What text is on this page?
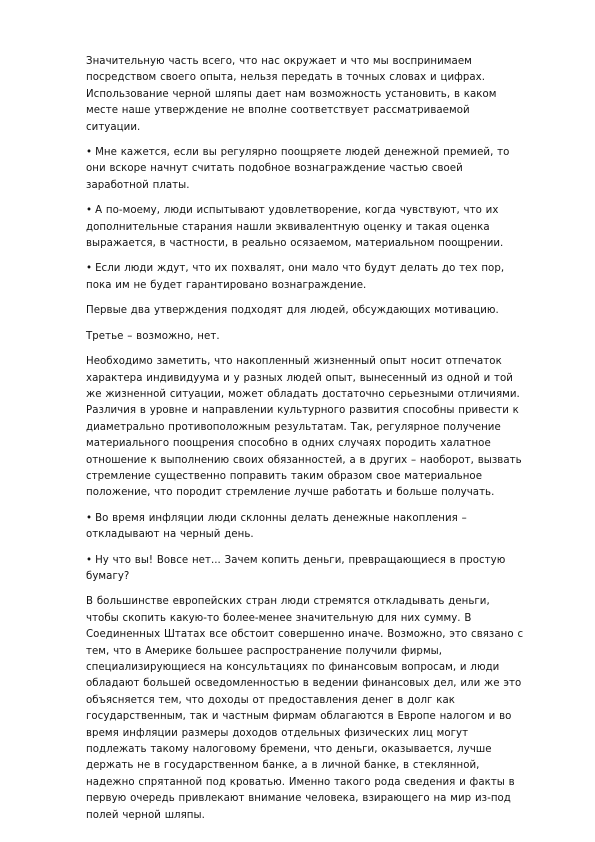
Значительную часть всего, что нас окружает и что мы воспринимаем посредством своего опыта, нельзя передать в точных словах и цифрах. Использование черной шляпы дает нам возможность установить, в каком месте наше утверждение не вполне соответствует рассматриваемой ситуации.

• Мне кажется, если вы регулярно поощряете людей денежной премией, то они вскоре начнут считать подобное вознаграждение частью своей заработной платы.

• А по-моему, люди испытывают удовлетворение, когда чувствуют, что их дополнительные старания нашли эквивалентную оценку и такая оценка выражается, в частности, в реально осязаемом, материальном поощрении.

• Если люди ждут, что их похвалят, они мало что будут делать до тех пор, пока им не будет гарантировано вознаграждение.

Первые два утверждения подходят для людей, обсуждающих мотивацию.

Третье – возможно, нет.

Необходимо заметить, что накопленный жизненный опыт носит отпечаток характера индивидуума и у разных людей опыт, вынесенный из одной и той же жизненной ситуации, может обладать достаточно серьезными отличиями. Различия в уровне и направлении культурного развития способны привести к диаметрально противоположным результатам. Так, регулярное получение материального поощрения способно в одних случаях породить халатное отношение к выполнению своих обязанностей, а в других – наоборот, вызвать стремление существенно поправить таким образом свое материальное положение, что породит стремление лучше работать и больше получать.

• Во время инфляции люди склонны делать денежные накопления – откладывают на черный день.

• Ну что вы! Вовсе нет... Зачем копить деньги, превращающиеся в простую бумагу?

В большинстве европейских стран люди стремятся откладывать деньги, чтобы скопить какую-то более-менее значительную для них сумму. В Соединенных Штатах все обстоит совершенно иначе. Возможно, это связано с тем, что в Америке большее распространение получили фирмы, специализирующиеся на консультациях по финансовым вопросам, и люди обладают большей осведомленностью в ведении финансовых дел, или же это объясняется тем, что доходы от предоставления денег в долг как государственным, так и частным фирмам облагаются в Европе налогом и во время инфляции размеры доходов отдельных физических лиц могут подлежать такому налоговому бремени, что деньги, оказывается, лучше держать не в государственном банке, а в личной банке, в стеклянной, надежно спрятанной под кроватью. Именно такого рода сведения и факты в первую очередь привлекают внимание человека, взирающего на мир из-под полей черной шляпы.
